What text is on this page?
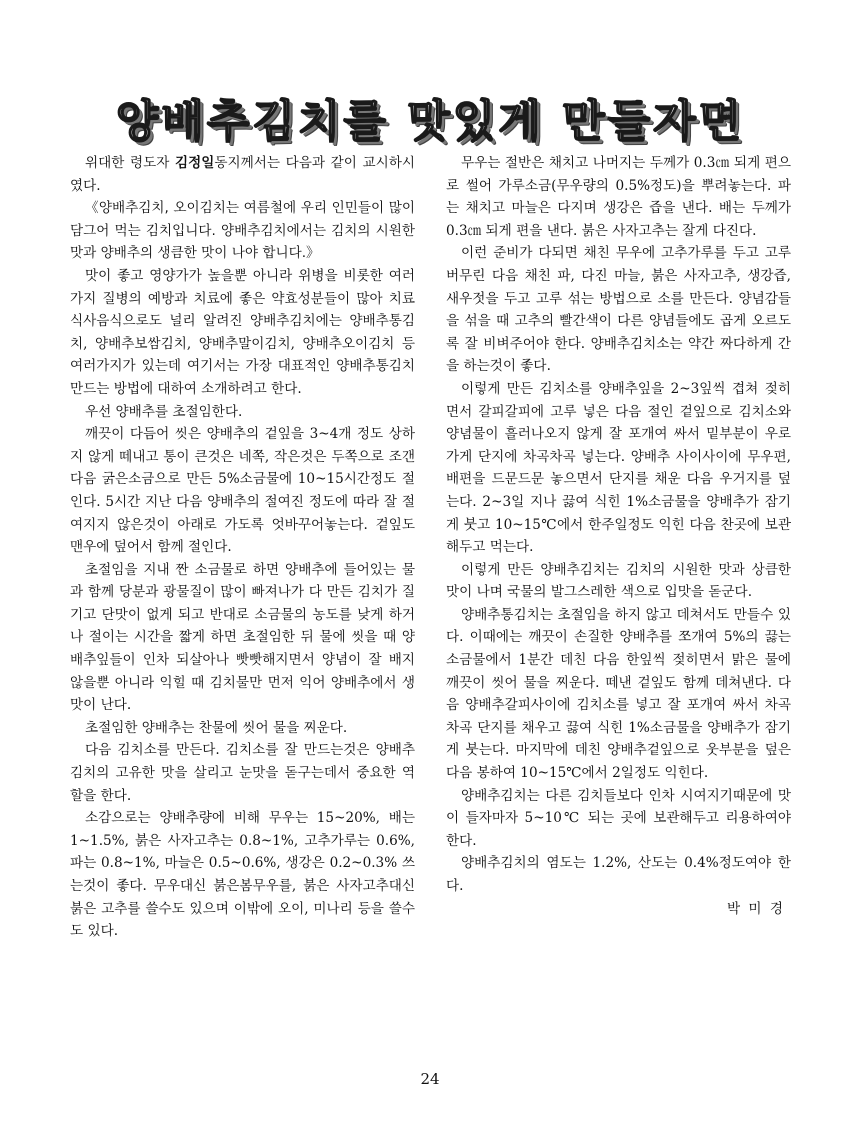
양배추김치를 맛있게 만들자면

위대한 령도자 김정일동지께서는 다음과 같이 교시하시였다.

《양배추김치, 오이김치는 여름철에 우리 인민들이 많이 담그어 먹는 김치입니다. 양배추김치에서는 김치의 시원한 맛과 양배추의 생큼한 맛이 나야 합니다.》

맛이 좋고 영양가가 높을뿐 아니라 위병을 비롯한 여러가지 질병의 예방과 치료에 좋은 약효성분들이 많아 치료식사음식으로도 널리 알려진 양배추김치에는 양배추통김치, 양배추보쌈김치, 양배추말이김치, 양배추오이김치 등 여러가지가 있는데 여기서는 가장 대표적인 양배추통김치 만드는 방법에 대하여 소개하려고 한다.

우선 양배추를 초절임한다.

깨끗이 다듬어 씻은 양배추의 겉잎을 3~4개 정도 상하지 않게 떼내고 통이 큰것은 네쪽, 작은것은 두쪽으로 조갠 다음 굵은소금으로 만든 5%소금물에 10~15시간정도 절인다. 5시간 지난 다음 양배추의 절여진 정도에 따라 잘 절여지지 않은것이 아래로 가도록 엇바꾸어놓는다. 겉잎도 맨우에 덮어서 함께 절인다.

초절임을 지내 짠 소금물로 하면 양배추에 들어있는 물과 함께 당분과 광물질이 많이 빠져나가 다 만든 김치가 질기고 단맛이 없게 되고 반대로 소금물의 농도를 낮게 하거나 절이는 시간을 짧게 하면 초절임한 뒤 물에 씻을 때 양배추잎들이 인차 되살아나 빳빳해지면서 양념이 잘 배지 않을뿐 아니라 익힐 때 김치물만 먼저 익어 양배추에서 생맛이 난다.

초절임한 양배추는 찬물에 씻어 물을 찌운다.

다음 김치소를 만든다. 김치소를 잘 만드는것은 양배추김치의 고유한 맛을 살리고 눈맛을 돋구는데서 중요한 역할을 한다.

소감으로는 양배추량에 비해 무우는 15~20%, 배는 1~1.5%, 붉은 사자고추는 0.8~1%, 고추가루는 0.6%, 파는 0.8~1%, 마늘은 0.5~0.6%, 생강은 0.2~0.3% 쓰는것이 좋다. 무우대신 붉은봄무우를, 붉은 사자고추대신 붉은 고추를 쓸수도 있으며 이밖에 오이, 미나리 등을 쓸수도 있다.

무우는 절반은 채치고 나머지는 두께가 0.3㎝ 되게 편으로 썰어 가루소금(무우량의 0.5%정도)을 뿌려놓는다. 파는 채치고 마늘은 다지며 생강은 즙을 낸다. 배는 두께가 0.3㎝ 되게 편을 낸다. 붉은 사자고추는 잘게 다진다.

이런 준비가 다되면 채친 무우에 고추가루를 두고 고루 버무린 다음 채친 파, 다진 마늘, 붉은 사자고추, 생강즙, 새우젓을 두고 고루 섞는 방법으로 소를 만든다. 양념감들을 섞을 때 고추의 빨간색이 다른 양념들에도 곱게 오르도록 잘 비벼주어야 한다. 양배추김치소는 약간 짜다하게 간을 하는것이 좋다.

이렇게 만든 김치소를 양배추잎을 2~3잎씩 겹쳐 젖히면서 갈피갈피에 고루 넣은 다음 절인 겉잎으로 김치소와 양념물이 흘러나오지 않게 잘 포개여 싸서 밑부분이 우로 가게 단지에 차곡차곡 넣는다. 양배추 사이사이에 무우편, 배편을 드문드문 놓으면서 단지를 채운 다음 우거지를 덮는다. 2~3일 지나 끓여 식힌 1%소금물을 양배추가 잠기게 붓고 10~15℃에서 한주일정도 익힌 다음 찬곳에 보관해두고 먹는다.

이렇게 만든 양배추김치는 김치의 시원한 맛과 상큼한 맛이 나며 국물의 발그스레한 색으로 입맛을 돋군다.

양배추통김치는 초절임을 하지 않고 데쳐서도 만들수 있다. 이때에는 깨끗이 손질한 양배추를 쪼개여 5%의 끓는 소금물에서 1분간 데친 다음 한잎씩 젖히면서 맑은 물에 깨끗이 씻어 물을 찌운다. 떼낸 겉잎도 함께 데쳐낸다. 다음 양배추갈피사이에 김치소를 넣고 잘 포개여 싸서 차곡차곡 단지를 채우고 끓여 식힌 1%소금물을 양배추가 잠기게 붓는다. 마지막에 데친 양배추겉잎으로 웃부분을 덮은 다음 봉하여 10~15℃에서 2일정도 익힌다.

양배추김치는 다른 김치들보다 인차 시여지기때문에 맛이 들자마자 5~10℃ 되는 곳에 보관해두고 리용하여야 한다.

양배추김치의 염도는 1.2%, 산도는 0.4%정도여야 한다.

박 미 경

24
